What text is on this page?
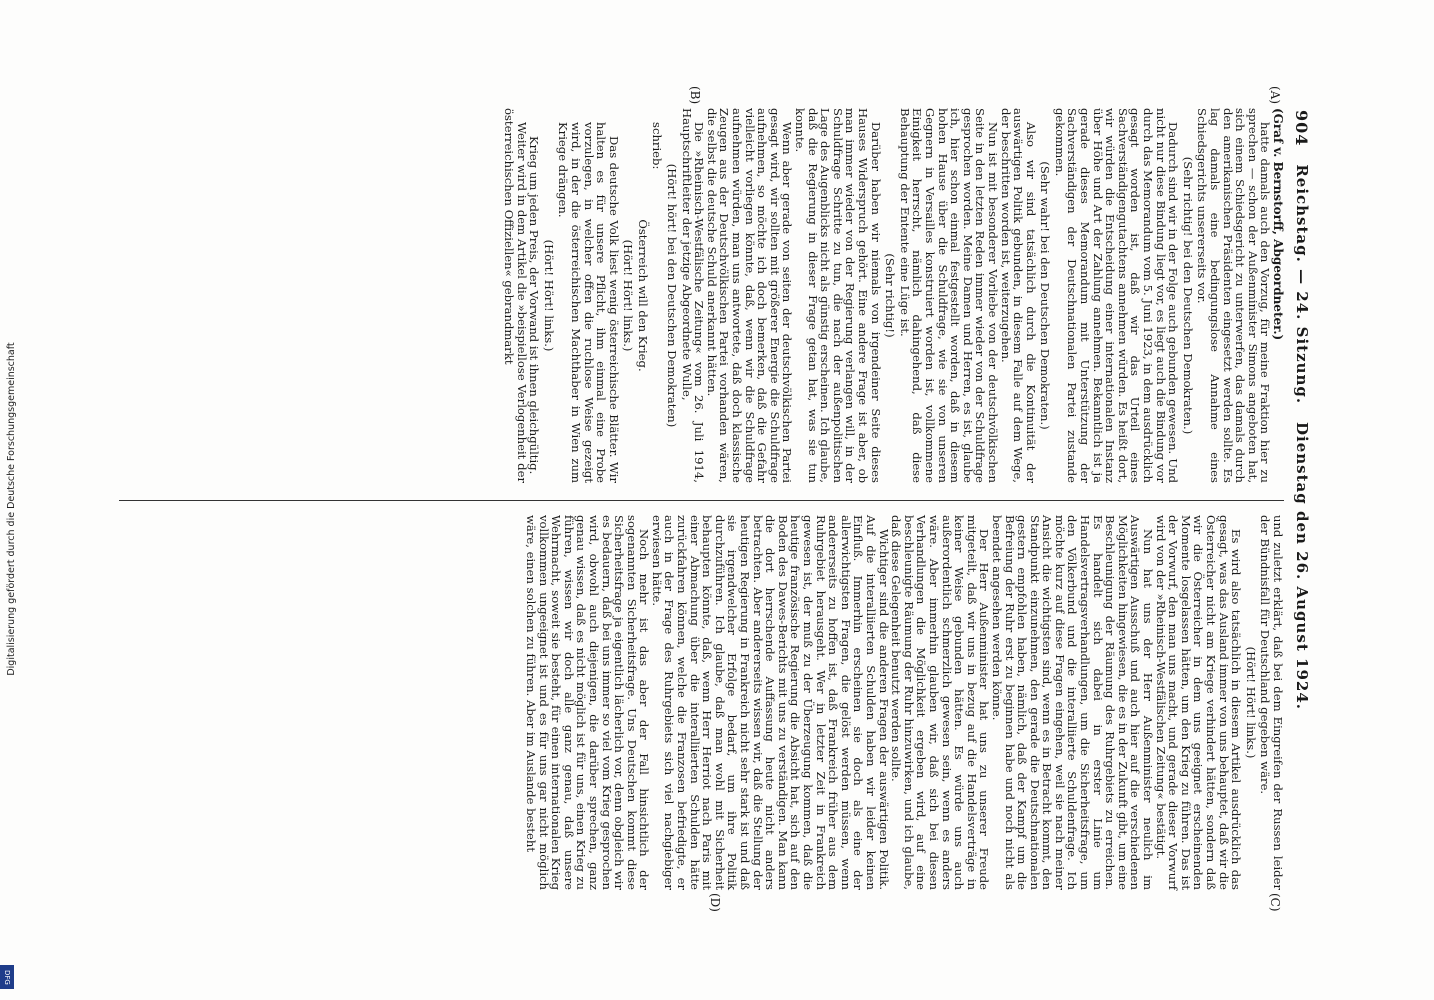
904
Reichstag. — 24. Sitzung.
Dienstag den 26. August 1924.
(A)
(B)
(C)
(D)

(Graf v. Bernstorff, Abgeordneter.)

hatte damals auch den Vorzug, für meine Fraktion hier zu sprechen — schon der Außenminister Simons angeboten hat, sich einem Schiedsgericht zu unterwerfen, das damals durch den amerikanischen Präsidenten eingesetzt werden sollte. Es lag damals eine bedingungslose Annahme eines Schiedsgerichts unsererseits vor.

(Sehr richtig! bei den Deutschen Demokraten.)

Dadurch sind wir in der Folge auch gebunden gewesen. Und nicht nur diese Bindung liegt vor, es liegt auch die Bindung vor durch das Memorandum vom 5. Juni 1923, in dem ausdrücklich gesagt worden ist, daß wir das Urteil eines Sachverständigengutachtens annehmen würden. Es heißt dort, wir würden die Entscheidung einer internationalen Instanz über Höhe und Art der Zahlung annehmen. Bekanntlich ist ja gerade dieses Memorandum mit Unterstützung der Sachverständigen der Deutschnationalen Partei zustande gekommen.

(Sehr wahr! bei den Deutschen Demokraten.)

Also wir sind tatsächlich durch die Kontinuität der auswärtigen Politik gebunden, in diesem Falle auf dem Wege, der beschritten worden ist, weiterzugehen.

Nun ist mit besonderer Vorliebe von der deutschvölkischen Seite in den letzten Reden immer wieder von der Schuldfrage gesprochen worden. Meine Damen und Herren, es ist, glaube ich, hier schon einmal festgestellt worden, daß in diesem hohen Hause über die Schuldfrage, wie sie von unseren Gegnern in Versailles konstruiert worden ist, vollkommene Einigkeit herrscht, nämlich dahingehend, daß diese Behauptung der Entente eine Lüge ist.

(Sehr richtig!)

Darüber haben wir niemals von irgendeiner Seite dieses Hauses Widerspruch gehört. Eine andere Frage ist aber, ob man immer wieder von der Regierung verlangen will, in der Schuldfrage Schritte zu tun, die nach der außenpolitischen Lage des Augenblicks nicht als günstig erscheinen. Ich glaube, daß die Regierung in dieser Frage getan hat, was sie tun konnte.

Wenn aber gerade von seiten der deutschvölkischen Partei gesagt wird, wir sollten mit größerer Energie die Schuldfrage aufnehmen, so möchte ich doch bemerken, daß die Gefahr vielleicht vorliegen könnte, daß, wenn wir die Schuldfrage aufnehmen würden, man uns antwortete, daß doch klassische Zeugen aus der Deutschvölkischen Partei vorhanden wären, die selbst die deutsche Schuld anerkannt hätten.

Die »Rheinisch-Westfälische Zeitung« vom 26. Juli 1914, Hauptschriftleiter der jetzige Abgeordnete Wulle,

(Hört! hört! bei den Deutschen Demokraten)

schrieb:

Österreich will den Krieg.

(Hört! Hört! links.)

Das deutsche Volk liest wenig österreichische Blätter. Wir halten es für unsere Pflicht, ihm einmal eine Probe vorzulegen, in welcher offen die ruchlose Weise gezeigt wird, in der die österreichischen Machthaber in Wien zum Kriege drängen.

(Hört! Hört! links.)

Krieg um jeden Preis, der Vorwand ist ihnen gleichgültig.

Weiter wird in dem Artikel die »beispiellose Verlogenheit der österreichischen Offiziellen« gebrandmarkt

und zuletzt erklärt, daß bei dem Eingreifen der Russen leider der Bündnisfall für Deutschland gegeben wäre.

(Hört! Hört! links.)

Es wird also tatsächlich in diesem Artikel ausdrücklich das gesagt, was das Ausland immer von uns behauptet, daß wir die Österreicher nicht am Kriege verhindert hätten, sondern daß wir die Österreicher in dem uns geeignet erscheinenden Momente losgelassen hätten, um den Krieg zu führen. Das ist der Vorwurf, den man uns macht, und gerade dieser Vorwurf wird von der »Rheinisch-Westfälischen Zeitung« bestätigt.

Nun hat uns der Herr Außenminister neulich im Auswärtigen Ausschuß und auch hier auf die verschiedenen Möglichkeiten hingewiesen, die es in der Zukunft gibt, um eine Beschleunigung der Räumung des Ruhrgebiets zu erreichen. Es handelt sich dabei in erster Linie um Handelsvertragsverhandlungen, um die Sicherheitsfrage, um den Völkerbund und die interalliierte Schuldenfrage. Ich möchte kurz auf diese Fragen eingehen, weil sie nach meiner Ansicht die wichtigsten sind, wenn es in Betracht kommt, den Standpunkt einzunehmen, den gerade die Deutschnationalen gestern empfohlen haben, nämlich, daß der Kampf um die Befreiung der Ruhr erst zu beginnen habe und noch nicht als beendet angesehen werden könne.

Der Herr Außenminister hat uns zu unserer Freude mitgeteilt, daß wir uns in bezug auf die Handelsverträge in keiner Weise gebunden hätten. Es würde uns auch außerordentlich schmerzlich gewesen sein, wenn es anders wäre. Aber immerhin glauben wir, daß sich bei diesen Verhandlungen die Möglichkeit ergeben wird, auf eine beschleunigte Räumung der Ruhr hinzuwirken, und ich glaube, daß diese Gelegenheit benutzt werden sollte.

Wichtiger sind die anderen Fragen der auswärtigen Politik. Auf die interalliierten Schulden haben wir leider keinen Einfluß. Immerhin erscheinen sie doch als eine der allerwichtigsten Fragen, die gelöst werden müssen, wenn andererseits zu hoffen ist, daß Frankreich früher aus dem Ruhrgebiet herausgeht. Wer in letzter Zeit in Frankreich gewesen ist, der muß zu der Überzeugung kommen, daß die heutige französische Regierung die Absicht hat, sich auf den Boden des Dawes-Berichts mit uns zu verständigen. Man kann die dort herrschende Auffassung heute nicht anders betrachten. Aber andererseits wissen wir, daß die Stellung der heutigen Regierung in Frankreich nicht sehr stark ist und daß sie irgendwelcher Erfolge bedarf, um ihre Politik durchzuführen. Ich glaube, daß man wohl mit Sicherheit behaupten könnte, daß, wenn Herr Herriot nach Paris mit einer Abmachung über die interalliierten Schulden hätte zurückfahren können, welche die Franzosen befriedigte, er auch in der Frage des Ruhrgebiets sich viel nachgiebiger erwiesen hätte.

Noch mehr ist das aber der Fall hinsichtlich der sogenannten Sicherheitsfrage. Uns Deutschen kommt diese Sicherheitsfrage ja eigentlich lächerlich vor, denn obgleich wir es bedauern, daß bei uns immer so viel vom Krieg gesprochen wird, obwohl auch diejenigen, die darüber sprechen, ganz genau wissen, daß es nicht möglich ist für uns, einen Krieg zu führen, wissen wir doch alle ganz genau, daß unsere Wehrmacht, soweit sie besteht, für einen internationalen Krieg vollkommen ungeeignet ist und es für uns gar nicht möglich wäre, einen solchen zu führen. Aber im Auslande besteht

Digitalisierung gefördert durch die Deutsche Forschungsgemeinschaft
DFG
